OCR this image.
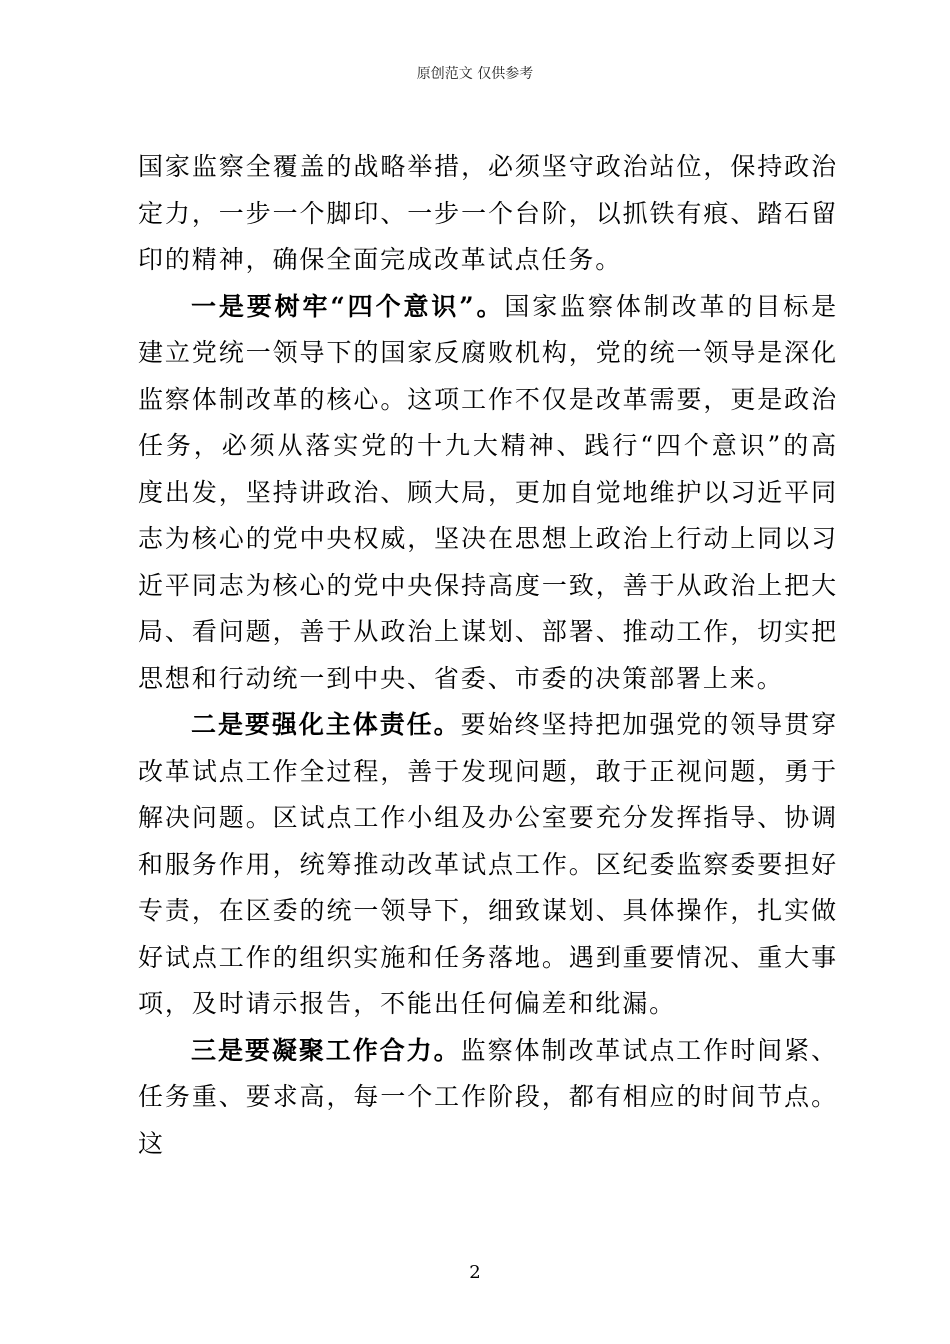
原创范文 仅供参考

国家监察全覆盖的战略举措，必须坚守政治站位，保持政治定力，一步一个脚印、一步一个台阶，以抓铁有痕、踏石留印的精神，确保全面完成改革试点任务。

一是要树牢“四个意识”。国家监察体制改革的目标是建立党统一领导下的国家反腐败机构，党的统一领导是深化监察体制改革的核心。这项工作不仅是改革需要，更是政治任务，必须从落实党的十九大精神、践行“四个意识”的高度出发，坚持讲政治、顾大局，更加自觉地维护以习近平同志为核心的党中央权威，坚决在思想上政治上行动上同以习近平同志为核心的党中央保持高度一致，善于从政治上把大局、看问题，善于从政治上谋划、部署、推动工作，切实把思想和行动统一到中央、省委、市委的决策部署上来。

二是要强化主体责任。要始终坚持把加强党的领导贯穿改革试点工作全过程，善于发现问题，敢于正视问题，勇于解决问题。区试点工作小组及办公室要充分发挥指导、协调和服务作用，统筹推动改革试点工作。区纪委监察委要担好专责，在区委的统一领导下，细致谋划、具体操作，扎实做好试点工作的组织实施和任务落地。遇到重要情况、重大事项，及时请示报告，不能出任何偏差和纰漏。

三是要凝聚工作合力。监察体制改革试点工作时间紧、任务重、要求高，每一个工作阶段，都有相应的时间节点。这

2
